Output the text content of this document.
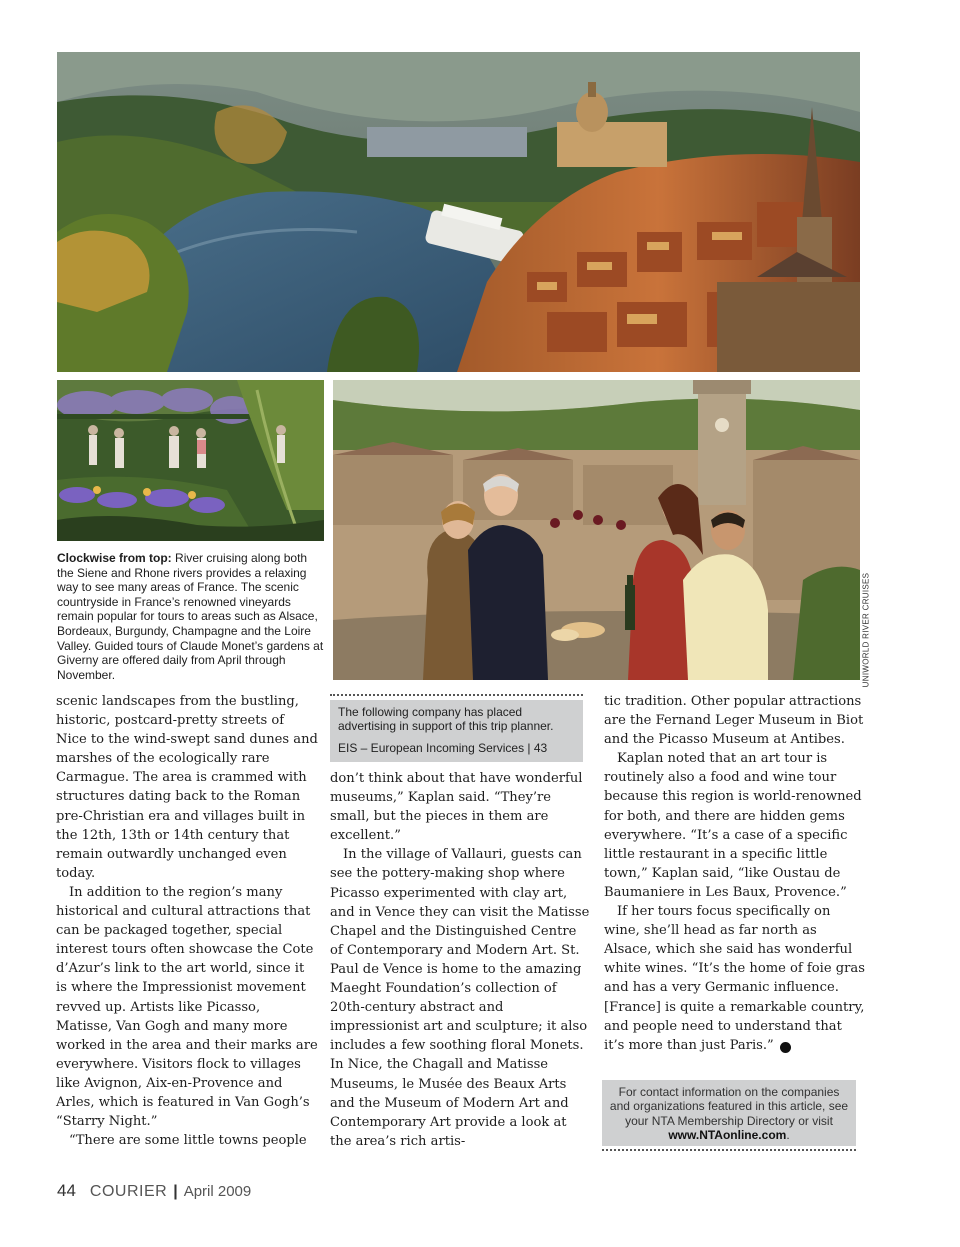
UNIWORLD RIVER CRUISES
Clockwise from top: River cruising along both the Siene and Rhone rivers provides a relaxing way to see many areas of France. The scenic countryside in France’s renowned vineyards remain popular for tours to areas such as Alsace, Bordeaux, Burgundy, Champagne and the Loire Valley. Guided tours of Claude Monet’s gardens at Giverny are offered daily from April through November.

scenic landscapes from the bustling, historic, postcard-pretty streets of Nice to the wind-swept sand dunes and marshes of the ecologically rare Carmague. The area is crammed with structures dating back to the Roman pre-Christian era and villages built in the 12th, 13th or 14th century that remain outwardly unchanged even today.

In addition to the region’s many historical and cultural attractions that can be packaged together, special interest tours often showcase the Cote d’Azur’s link to the art world, since it is where the Impressionist movement revved up. Artists like Picasso, Matisse, Van Gogh and many more worked in the area and their marks are everywhere. Visitors flock to villages like Avignon, Aix-en-Provence and Arles, which is featured in Van Gogh’s “Starry Night.”

“There are some little towns people

The following company has placed advertising in support of this trip planner.
EIS – European Incoming Services | 43

don’t think about that have wonderful museums,” Kaplan said. “They’re small, but the pieces in them are excellent.”

In the village of Vallauri, guests can see the pottery-making shop where Picasso experimented with clay art, and in Vence they can visit the Matisse Chapel and the Distinguished Centre of Contemporary and Modern Art. St. Paul de Vence is home to the amazing Maeght Foundation’s collection of 20th-century abstract and impressionist art and sculpture; it also includes a few soothing floral Monets. In Nice, the Chagall and Matisse Museums, le Musée des Beaux Arts and the Museum of Modern Art and Contemporary Art provide a look at the area’s rich artis-

tic tradition. Other popular attractions are the Fernand Leger Museum in Biot and the Picasso Museum at Antibes.

Kaplan noted that an art tour is routinely also a food and wine tour because this region is world-renowned for both, and there are hidden gems everywhere. “It’s a case of a specific little restaurant in a specific little town,” Kaplan said, “like Oustau de Baumaniere in Les Baux, Provence.”

If her tours focus specifically on wine, she’ll head as far north as Alsace, which she said has wonderful white wines. “It’s the home of foie gras and has a very Germanic influence. [France] is quite a remarkable country, and people need to understand that it’s more than just Paris.” C

For contact information on the companies and organizations featured in this article, see your NTA Membership Directory or visit www.NTAonline.com.
44 COURIER | April 2009
